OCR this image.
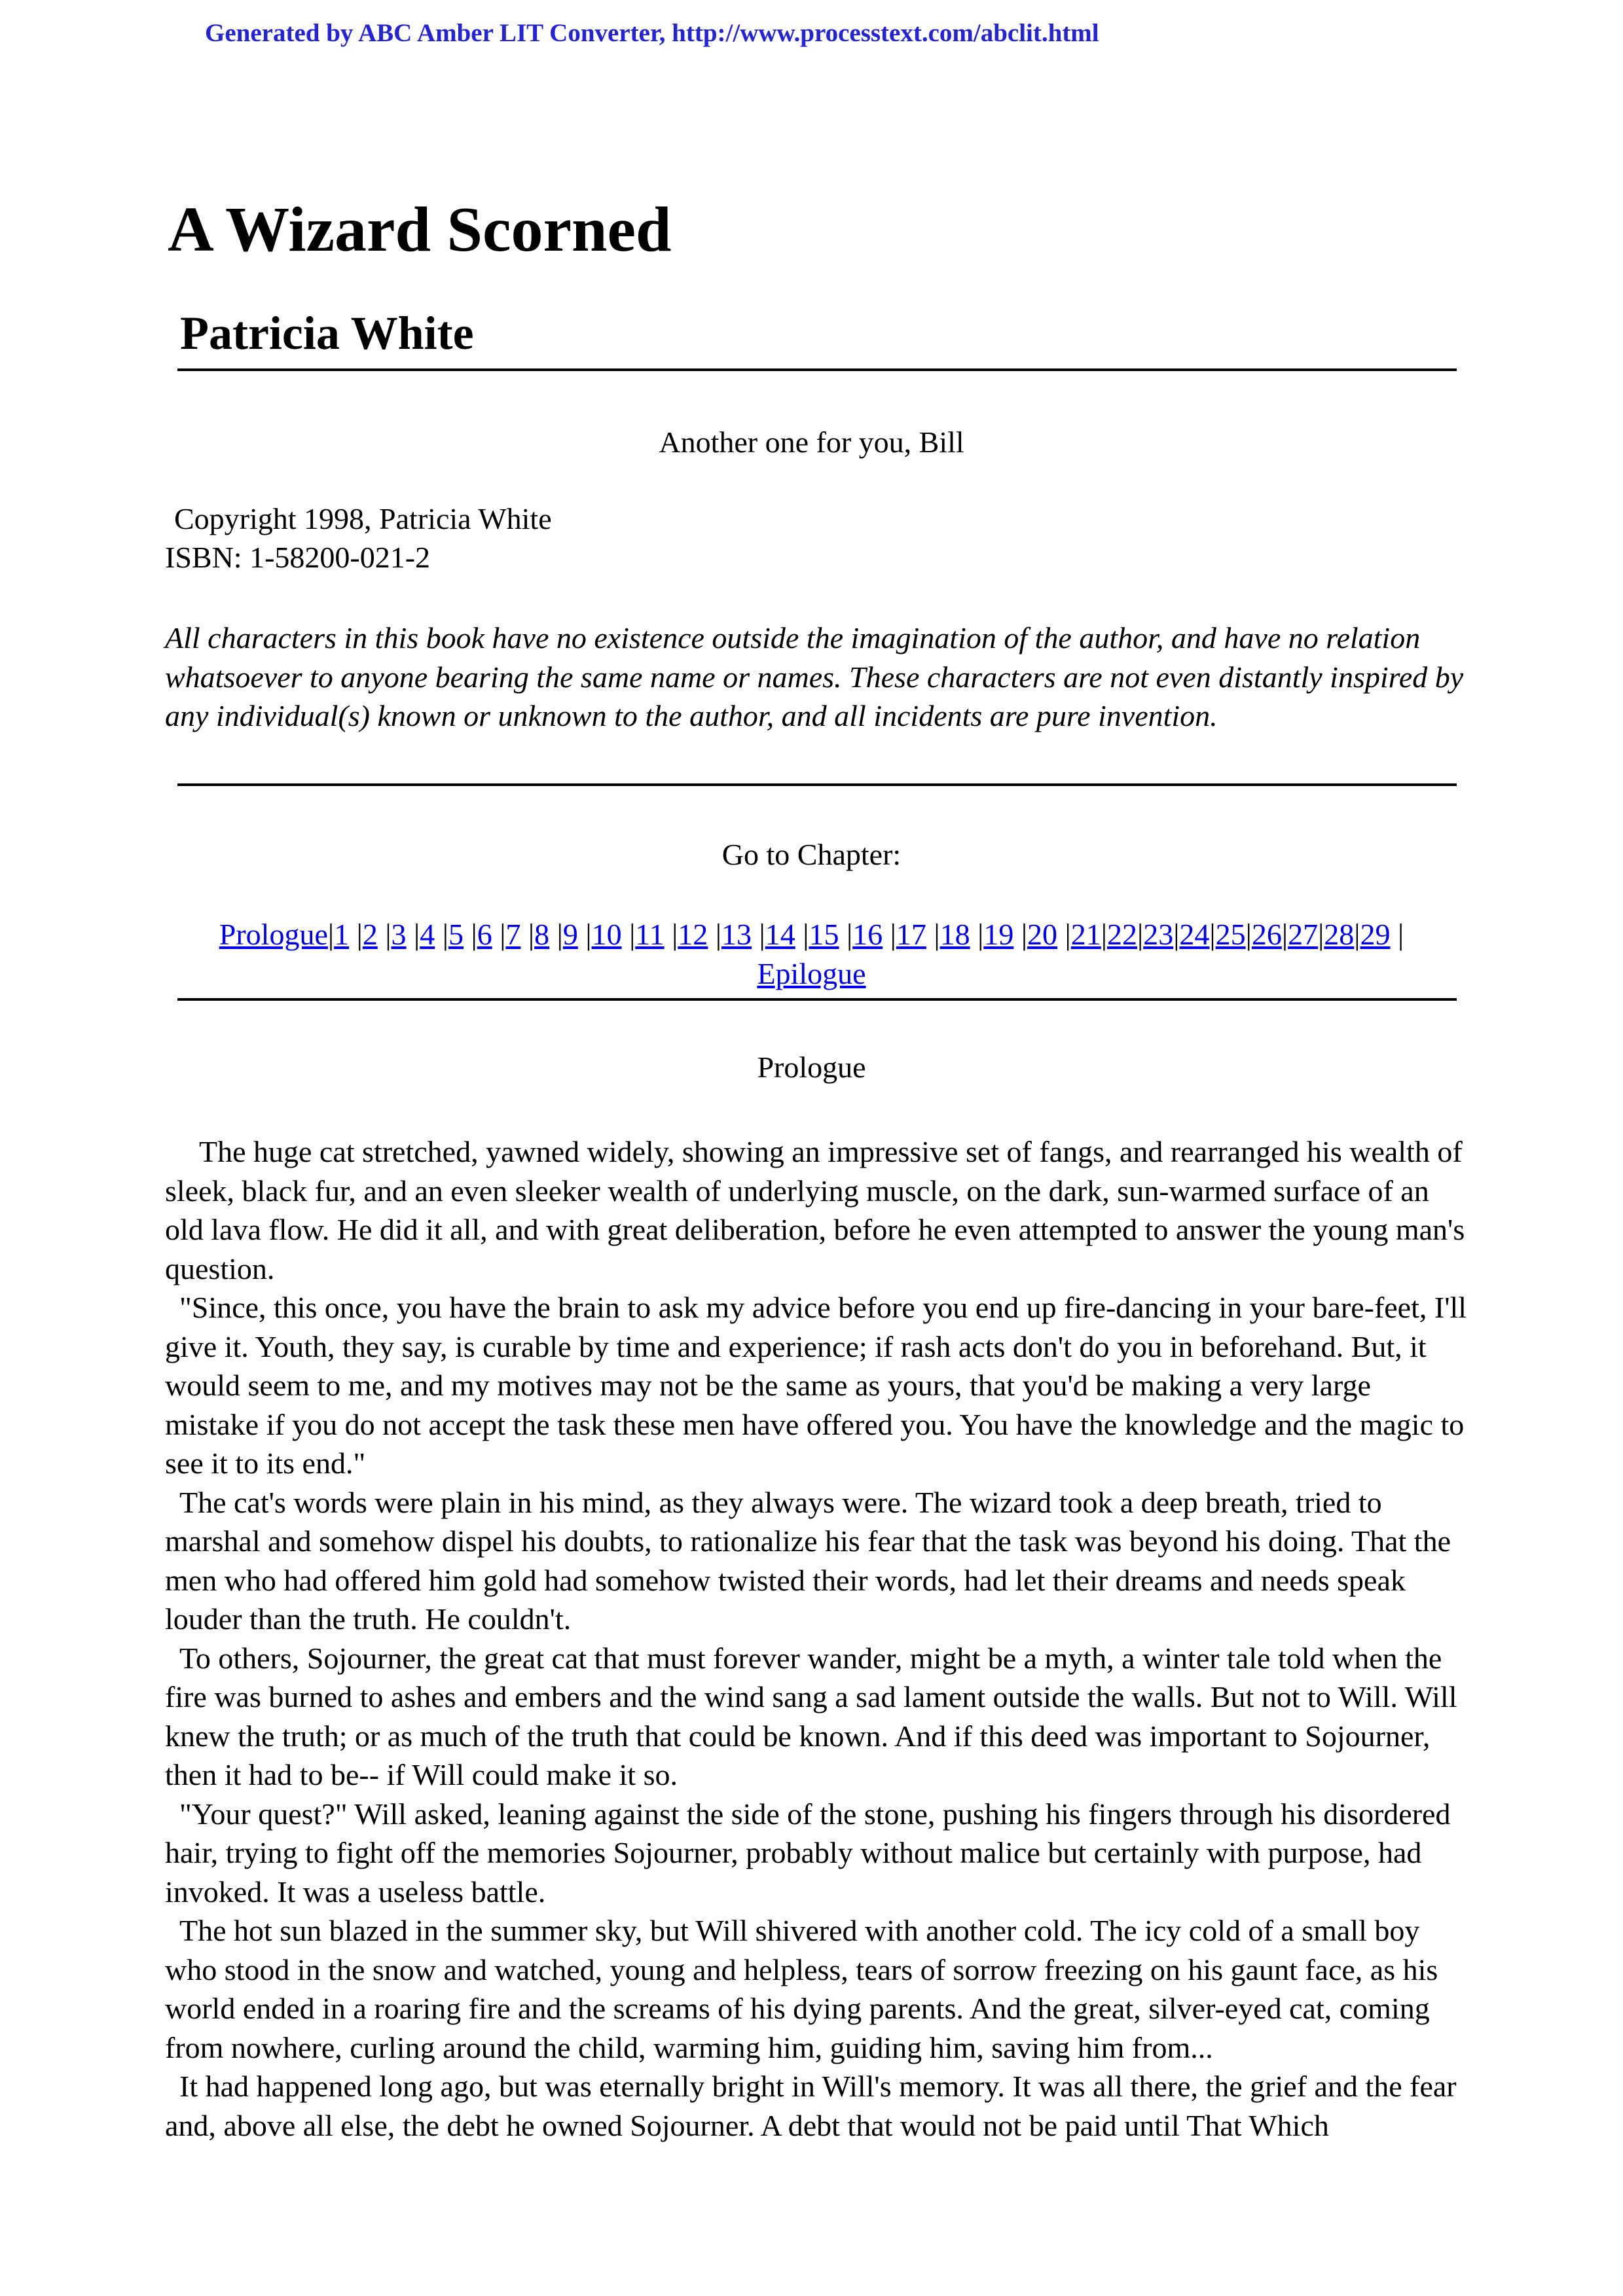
Generated by ABC Amber LIT Converter, http://www.processtext.com/abclit.html
A Wizard Scorned
Patricia White
Another one for you, Bill
Copyright 1998, Patricia White
ISBN: 1-58200-021-2
All characters in this book have no existence outside the imagination of the author, and have no relation whatsoever to anyone bearing the same name or names. These characters are not even distantly inspired by any individual(s) known or unknown to the author, and all incidents are pure invention.
Go to Chapter:
Prologue|1 |2 |3 |4 |5 |6 |7 |8 |9 |10 |11 |12 |13 |14 |15 |16 |17 |18 |19 |20 |21|22|23|24|25|26|27|28|29 |
Epilogue
Prologue

The huge cat stretched, yawned widely, showing an impressive set of fangs, and rearranged his wealth of sleek, black fur, and an even sleeker wealth of underlying muscle, on the dark, sun-warmed surface of an old lava flow. He did it all, and with great deliberation, before he even attempted to answer the young man's question.

"Since, this once, you have the brain to ask my advice before you end up fire-dancing in your bare-feet, I'll give it. Youth, they say, is curable by time and experience; if rash acts don't do you in beforehand. But, it would seem to me, and my motives may not be the same as yours, that you'd be making a very large mistake if you do not accept the task these men have offered you. You have the knowledge and the magic to see it to its end."

The cat's words were plain in his mind, as they always were. The wizard took a deep breath, tried to marshal and somehow dispel his doubts, to rationalize his fear that the task was beyond his doing. That the men who had offered him gold had somehow twisted their words, had let their dreams and needs speak louder than the truth. He couldn't.

To others, Sojourner, the great cat that must forever wander, might be a myth, a winter tale told when the fire was burned to ashes and embers and the wind sang a sad lament outside the walls. But not to Will. Will knew the truth; or as much of the truth that could be known. And if this deed was important to Sojourner, then it had to be-- if Will could make it so.

"Your quest?" Will asked, leaning against the side of the stone, pushing his fingers through his disordered hair, trying to fight off the memories Sojourner, probably without malice but certainly with purpose, had invoked. It was a useless battle.

The hot sun blazed in the summer sky, but Will shivered with another cold. The icy cold of a small boy who stood in the snow and watched, young and helpless, tears of sorrow freezing on his gaunt face, as his world ended in a roaring fire and the screams of his dying parents. And the great, silver-eyed cat, coming from nowhere, curling around the child, warming him, guiding him, saving him from...

It had happened long ago, but was eternally bright in Will's memory. It was all there, the grief and the fear and, above all else, the debt he owned Sojourner. A debt that would not be paid until That Which
